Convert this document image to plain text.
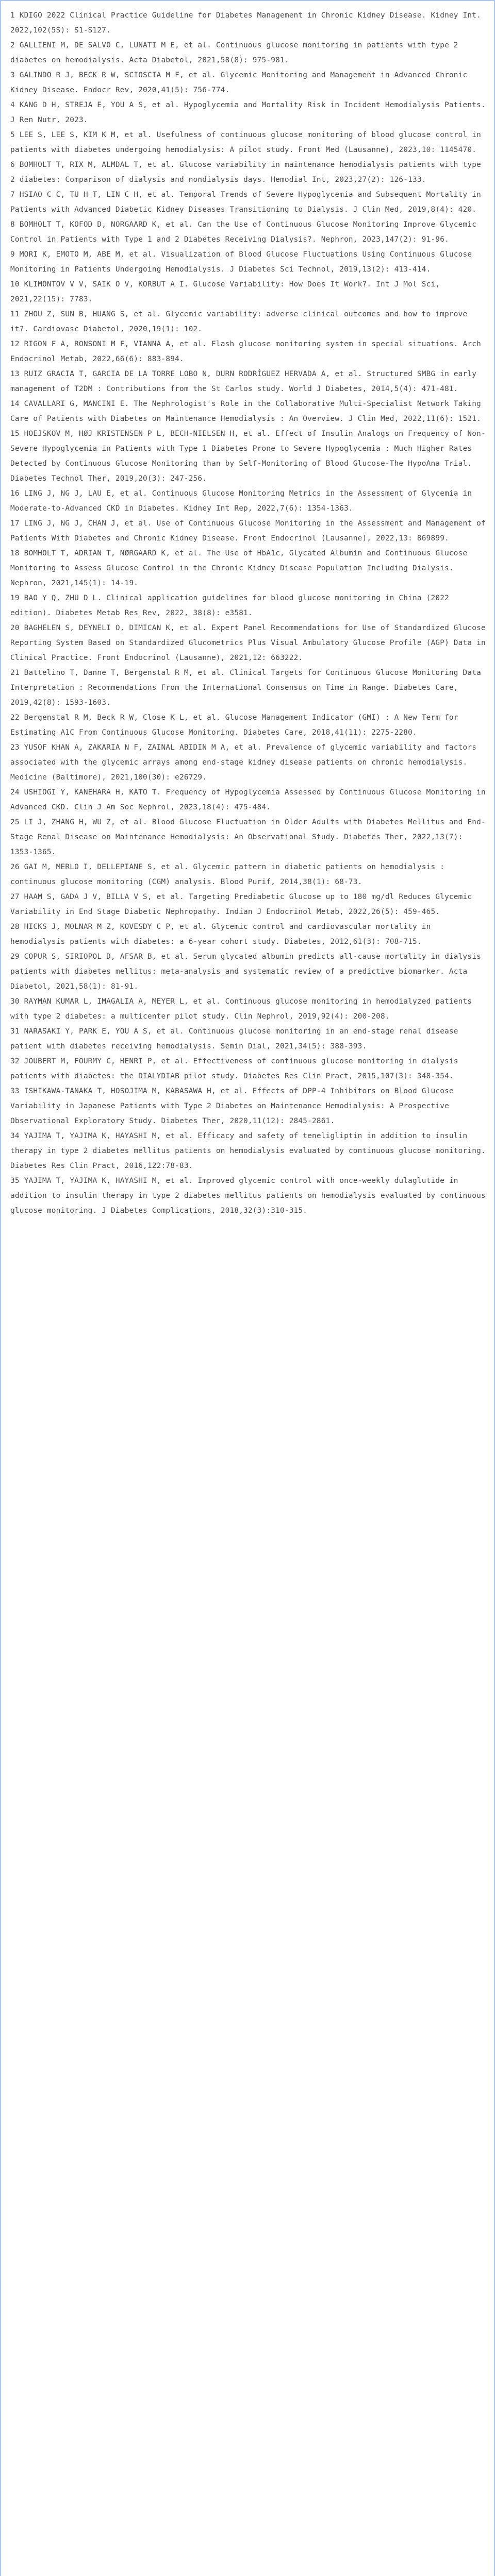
1 KDIGO 2022 Clinical Practice Guideline for Diabetes Management in Chronic Kidney Disease. Kidney Int. 2022,102(5S): S1-S127.

2 GALLIENI M, DE SALVO C, LUNATI M E, et al. Continuous glucose monitoring in patients with type 2 diabetes on hemodialysis. Acta Diabetol, 2021,58(8): 975-981.

3 GALINDO R J, BECK R W, SCIOSCIA M F, et al. Glycemic Monitoring and Management in Advanced Chronic Kidney Disease. Endocr Rev, 2020,41(5): 756-774.

4 KANG D H, STREJA E, YOU A S, et al. Hypoglycemia and Mortality Risk in Incident Hemodialysis Patients. J Ren Nutr, 2023.

5 LEE S, LEE S, KIM K M, et al. Usefulness of continuous glucose monitoring of blood glucose control in patients with diabetes undergoing hemodialysis: A pilot study. Front Med (Lausanne), 2023,10: 1145470.

6 BOMHOLT T, RIX M, ALMDAL T, et al. Glucose variability in maintenance hemodialysis patients with type 2 diabetes: Comparison of dialysis and nondialysis days. Hemodial Int, 2023,27(2): 126-133.

7 HSIAO C C, TU H T, LIN C H, et al. Temporal Trends of Severe Hypoglycemia and Subsequent Mortality in Patients with Advanced Diabetic Kidney Diseases Transitioning to Dialysis. J Clin Med, 2019,8(4): 420.

8 BOMHOLT T, KOFOD D, NORGAARD K, et al. Can the Use of Continuous Glucose Monitoring Improve Glycemic Control in Patients with Type 1 and 2 Diabetes Receiving Dialysis?. Nephron, 2023,147(2): 91-96.

9 MORI K, EMOTO M, ABE M, et al. Visualization of Blood Glucose Fluctuations Using Continuous Glucose Monitoring in Patients Undergoing Hemodialysis. J Diabetes Sci Technol, 2019,13(2): 413-414.

10 KLIMONTOV V V, SAIK O V, KORBUT A I. Glucose Variability: How Does It Work?. Int J Mol Sci, 2021,22(15): 7783.

11 ZHOU Z, SUN B, HUANG S, et al. Glycemic variability: adverse clinical outcomes and how to improve it?. Cardiovasc Diabetol, 2020,19(1): 102.

12 RIGON F A, RONSONI M F, VIANNA A, et al. Flash glucose monitoring system in special situations. Arch Endocrinol Metab, 2022,66(6): 883-894.

13 RUIZ GRACIA T, GARCIA DE LA TORRE LOBO N, DURN RODRÍGUEZ HERVADA A, et al. Structured SMBG in early management of T2DM : Contributions from the St Carlos study. World J Diabetes, 2014,5(4): 471-481.

14 CAVALLARI G, MANCINI E. The Nephrologist's Role in the Collaborative Multi-Specialist Network Taking Care of Patients with Diabetes on Maintenance Hemodialysis : An Overview. J Clin Med, 2022,11(6): 1521.

15 HOEJSKOV M, HØJ KRISTENSEN P L, BECH-NIELSEN H, et al. Effect of Insulin Analogs on Frequency of Non-Severe Hypoglycemia in Patients with Type 1 Diabetes Prone to Severe Hypoglycemia : Much Higher Rates Detected by Continuous Glucose Monitoring than by Self-Monitoring of Blood Glucose-The HypoAna Trial. Diabetes Technol Ther, 2019,20(3): 247-256.

16 LING J, NG J, LAU E, et al. Continuous Glucose Monitoring Metrics in the Assessment of Glycemia in Moderate-to-Advanced CKD in Diabetes. Kidney Int Rep, 2022,7(6): 1354-1363.

17 LING J, NG J, CHAN J, et al. Use of Continuous Glucose Monitoring in the Assessment and Management of Patients With Diabetes and Chronic Kidney Disease. Front Endocrinol (Lausanne), 2022,13: 869899.

18 BOMHOLT T, ADRIAN T, NØRGAARD K, et al. The Use of HbA1c, Glycated Albumin and Continuous Glucose Monitoring to Assess Glucose Control in the Chronic Kidney Disease Population Including Dialysis. Nephron, 2021,145(1): 14-19.

19 BAO Y Q, ZHU D L. Clinical application guidelines for blood glucose monitoring in China (2022 edition). Diabetes Metab Res Rev, 2022, 38(8): e3581.

20 BAGHELEN S, DEYNELI O, DIMICAN K, et al. Expert Panel Recommendations for Use of Standardized Glucose Reporting System Based on Standardized Glucometrics Plus Visual Ambulatory Glucose Profile (AGP) Data in Clinical Practice. Front Endocrinol (Lausanne), 2021,12: 663222.

21 Battelino T, Danne T, Bergenstal R M, et al. Clinical Targets for Continuous Glucose Monitoring Data Interpretation : Recommendations From the International Consensus on Time in Range. Diabetes Care, 2019,42(8): 1593-1603.

22 Bergenstal R M, Beck R W, Close K L, et al. Glucose Management Indicator (GMI) : A New Term for Estimating A1C From Continuous Glucose Monitoring. Diabetes Care, 2018,41(11): 2275-2280.

23 YUSOF KHAN A, ZAKARIA N F, ZAINAL ABIDIN M A, et al. Prevalence of glycemic variability and factors associated with the glycemic arrays among end-stage kidney disease patients on chronic hemodialysis. Medicine (Baltimore), 2021,100(30): e26729.

24 USHIOGI Y, KANEHARA H, KATO T. Frequency of Hypoglycemia Assessed by Continuous Glucose Monitoring in Advanced CKD. Clin J Am Soc Nephrol, 2023,18(4): 475-484.

25 LI J, ZHANG H, WU Z, et al. Blood Glucose Fluctuation in Older Adults with Diabetes Mellitus and End-Stage Renal Disease on Maintenance Hemodialysis: An Observational Study. Diabetes Ther, 2022,13(7): 1353-1365.

26 GAI M, MERLO I, DELLEPIANE S, et al. Glycemic pattern in diabetic patients on hemodialysis : continuous glucose monitoring (CGM) analysis. Blood Purif, 2014,38(1): 68-73.

27 HAAM S, GADA J V, BILLA V S, et al. Targeting Prediabetic Glucose up to 180 mg/dl Reduces Glycemic Variability in End Stage Diabetic Nephropathy. Indian J Endocrinol Metab, 2022,26(5): 459-465.

28 HICKS J, MOLNAR M Z, KOVESDY C P, et al. Glycemic control and cardiovascular mortality in hemodialysis patients with diabetes: a 6-year cohort study. Diabetes, 2012,61(3): 708-715.

29 COPUR S, SIRIOPOL D, AFSAR B, et al. Serum glycated albumin predicts all-cause mortality in dialysis patients with diabetes mellitus: meta-analysis and systematic review of a predictive biomarker. Acta Diabetol, 2021,58(1): 81-91.

30 RAYMAN KUMAR L, IMAGALIA A, MEYER L, et al. Continuous glucose monitoring in hemodialyzed patients with type 2 diabetes: a multicenter pilot study. Clin Nephrol, 2019,92(4): 200-208.

31 NARASAKI Y, PARK E, YOU A S, et al. Continuous glucose monitoring in an end-stage renal disease patient with diabetes receiving hemodialysis. Semin Dial, 2021,34(5): 388-393.

32 JOUBERT M, FOURMY C, HENRI P, et al. Effectiveness of continuous glucose monitoring in dialysis patients with diabetes: the DIALYDIAB pilot study. Diabetes Res Clin Pract, 2015,107(3): 348-354.

33 ISHIKAWA-TANAKA T, HOSOJIMA M, KABASAWA H, et al. Effects of DPP-4 Inhibitors on Blood Glucose Variability in Japanese Patients with Type 2 Diabetes on Maintenance Hemodialysis: A Prospective Observational Exploratory Study. Diabetes Ther, 2020,11(12): 2845-2861.

34 YAJIMA T, YAJIMA K, HAYASHI M, et al. Efficacy and safety of teneligliptin in addition to insulin therapy in type 2 diabetes mellitus patients on hemodialysis evaluated by continuous glucose monitoring. Diabetes Res Clin Pract, 2016,122:78-83.

35 YAJIMA T, YAJIMA K, HAYASHI M, et al. Improved glycemic control with once-weekly dulaglutide in addition to insulin therapy in type 2 diabetes mellitus patients on hemodialysis evaluated by continuous glucose monitoring. J Diabetes Complications, 2018,32(3):310-315.
